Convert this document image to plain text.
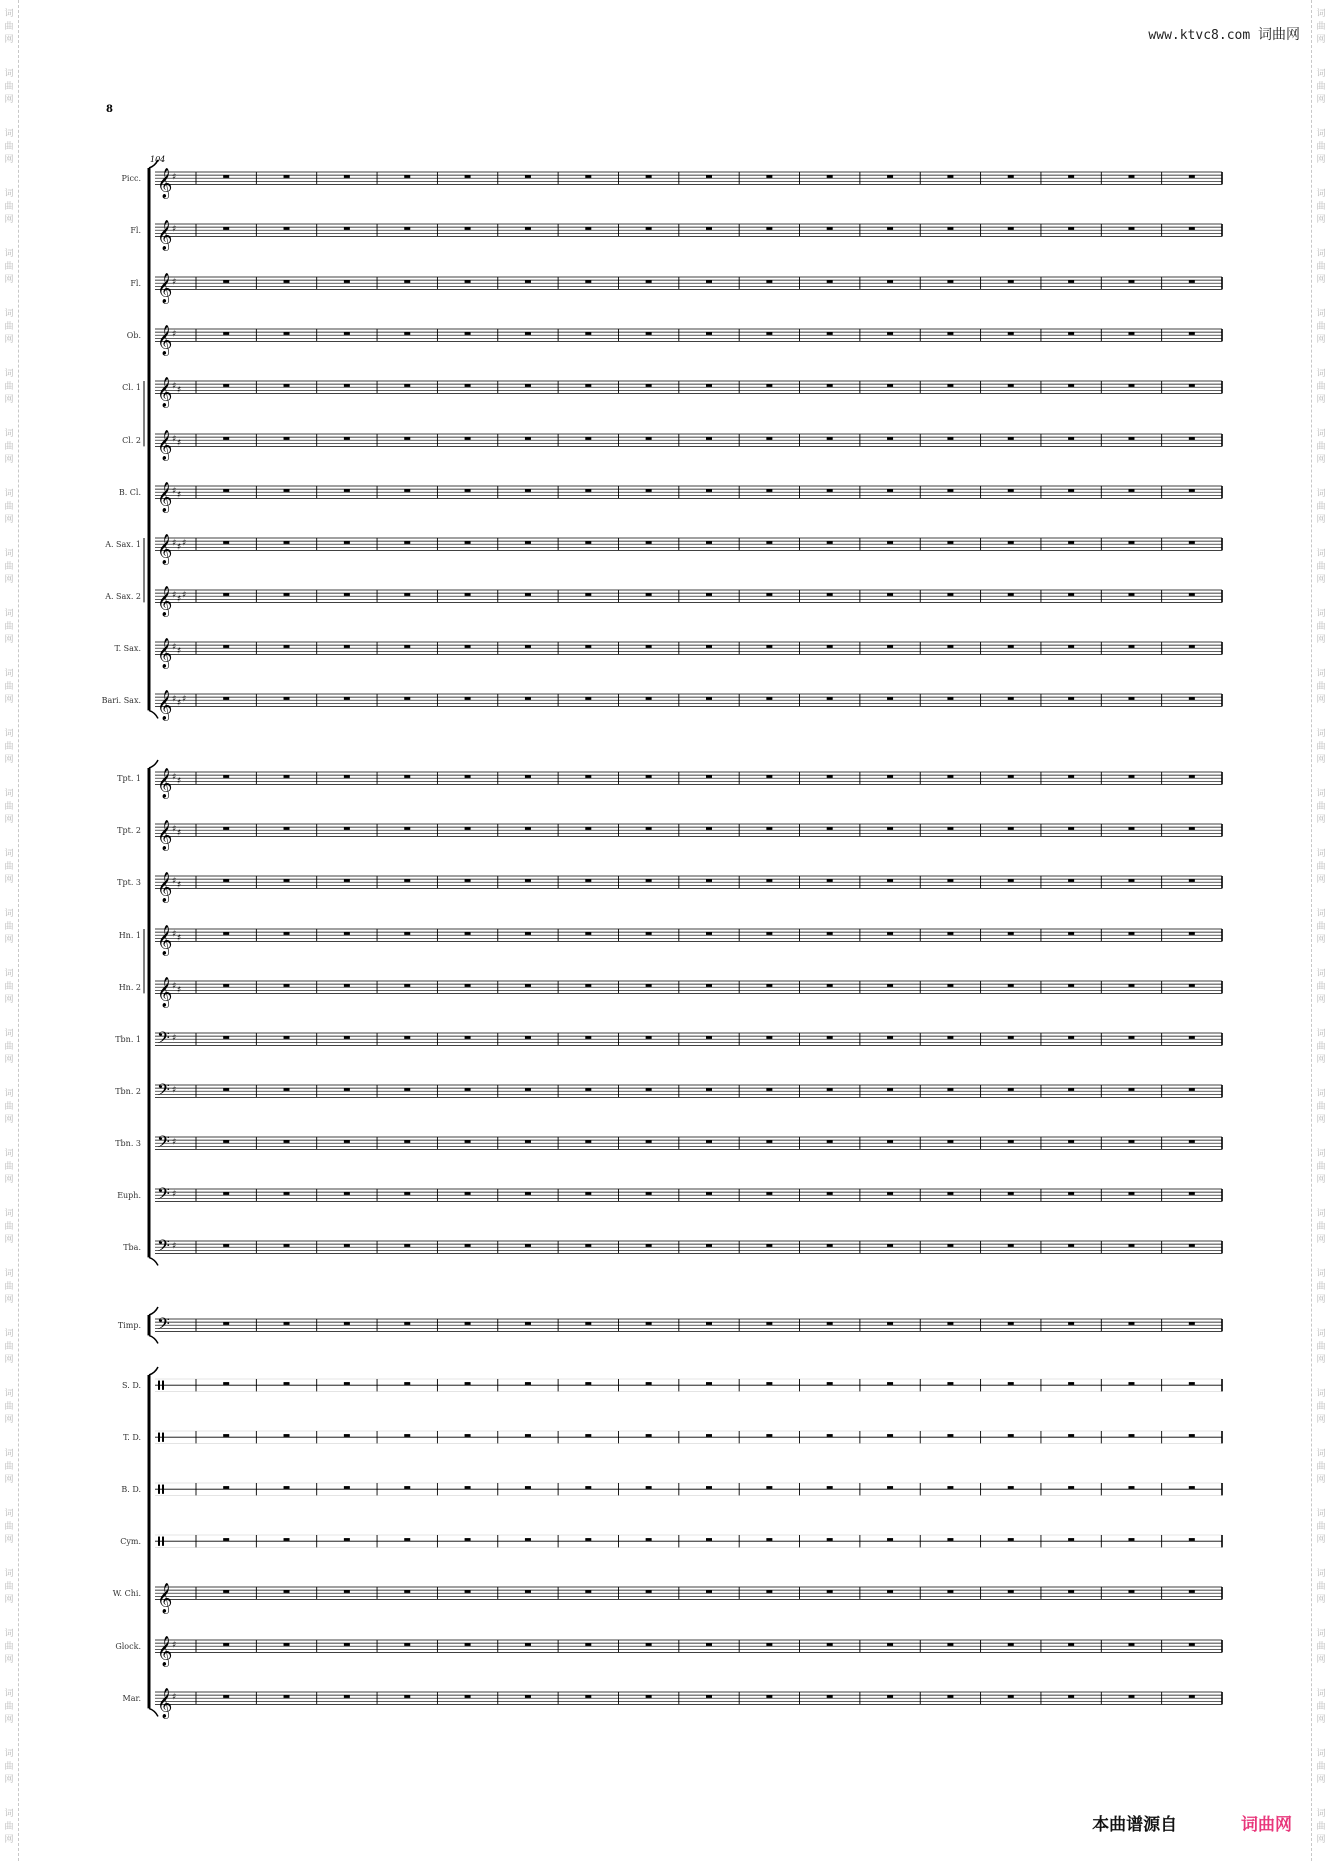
词
曲
网
词
曲
网
词
曲
网
词
曲
网
词
曲
网
词
曲
网
词
曲
网
词
曲
网
词
曲
网
词
曲
网
词
曲
网
词
曲
网
词
曲
网
词
曲
网
词
曲
网
词
曲
网
词
曲
网
词
曲
网
词
曲
网
词
曲
网
词
曲
网
词
曲
网
词
曲
网
词
曲
网
词
曲
网
词
曲
网
词
曲
网
词
曲
网
词
曲
网
词
曲
网
词
曲
网
词
曲
网
词
曲
网
词
曲
网
词
曲
网
词
曲
网
词
曲
网
词
曲
网
词
曲
网
词
曲
网
词
曲
网
词
曲
网
词
曲
网
词
曲
网
词
曲
网
词
曲
网
词
曲
网
词
曲
网
词
曲
网
词
曲
网
词
曲
网
词
曲
网
词
曲
网
词
曲
网
词
曲
网
词
曲
网
词
曲
网
词
曲
网
词
曲
网
词
曲
网
词
曲
网
词
曲
网
www.ktvc8.com 词曲网
8
Picc. 𝄞 ♯
Fl. 𝄞 ♯
Fl. 𝄞 ♯
Ob. 𝄞 ♯
Cl. 1 𝄞 ♯ ♯
Cl. 2 𝄞 ♯ ♯
B. Cl. 𝄞 ♯ ♯
A. Sax. 1 𝄞 ♯ ♯ ♯
A. Sax. 2 𝄞 ♯ ♯ ♯
T. Sax. 𝄞 ♯ ♯
Bari. Sax. 𝄞 ♯ ♯ ♯
Tpt. 1 𝄞 ♯ ♯
Tpt. 2 𝄞 ♯ ♯
Tpt. 3 𝄞 ♯ ♯
Hn. 1 𝄞 ♯ ♯
Hn. 2 𝄞 ♯ ♯
Tbn. 1 𝄢 ♯
Tbn. 2 𝄢 ♯
Tbn. 3 𝄢 ♯
Euph. 𝄢 ♯
Tba. 𝄢 ♯
Timp. 𝄢
S. D.
T. D.
B. D.
Cym.
W. Chi. 𝄞
Glock. 𝄞 ♯
Mar. 𝄞 ♯
104
本曲谱源自	词曲网
